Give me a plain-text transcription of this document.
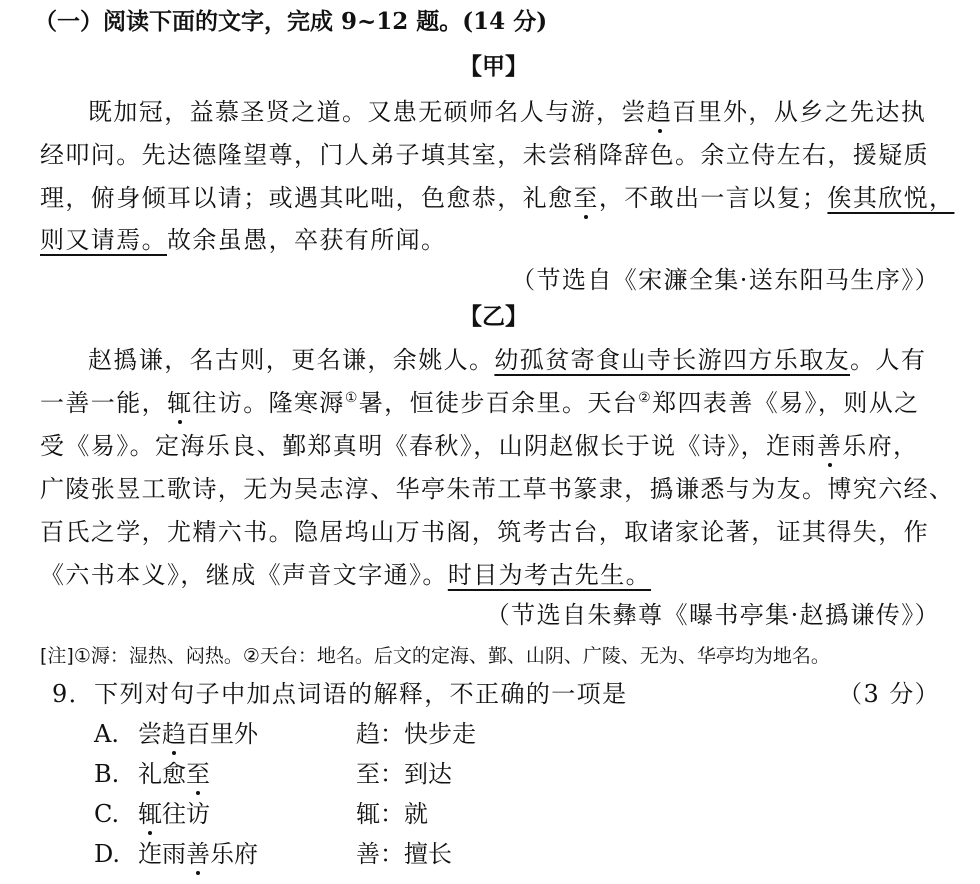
（一）阅读下面的文字，完成 9~12 题。(14 分)
【甲】
既加冠，益慕圣贤之道。又患无硕师名人与游，尝趋百里外，从乡之先达执
经叩问。先达德隆望尊，门人弟子填其室，未尝稍降辞色。余立侍左右，援疑质
理，俯身倾耳以请；或遇其叱咄，色愈恭，礼愈至，不敢出一言以复；俟其欣悦，
则又请焉。故余虽愚，卒获有所闻。
（节选自《宋濂全集·送东阳马生序》）
【乙】
赵撝谦，名古则，更名谦，余姚人。幼孤贫寄食山寺长游四方乐取友。人有
一善一能，辄往访。隆寒溽①暑，恒徒步百余里。天台②郑四表善《易》，则从之
受《易》。定海乐良、鄞郑真明《春秋》，山阴赵俶长于说《诗》，迮雨善乐府，
广陵张昱工歌诗，无为吴志淳、华亭朱芾工草书篆隶，撝谦悉与为友。博究六经、
百氏之学，尤精六书。隐居坞山万书阁，筑考古台，取诸家论著，证其得失，作
《六书本义》，继成《声音文字通》。时目为考古先生。
（节选自朱彝尊《曝书亭集·赵撝谦传》）
[注]①溽：湿热、闷热。②天台：地名。后文的定海、鄞、山阴、广陵、无为、华亭均为地名。
9．下列对句子中加点词语的解释，不正确的一项是	（3 分）
A. 尝趋百里外	趋：快步走
B. 礼愈至	至：到达
C. 辄往访	辄：就
D. 迮雨善乐府	善：擅长
